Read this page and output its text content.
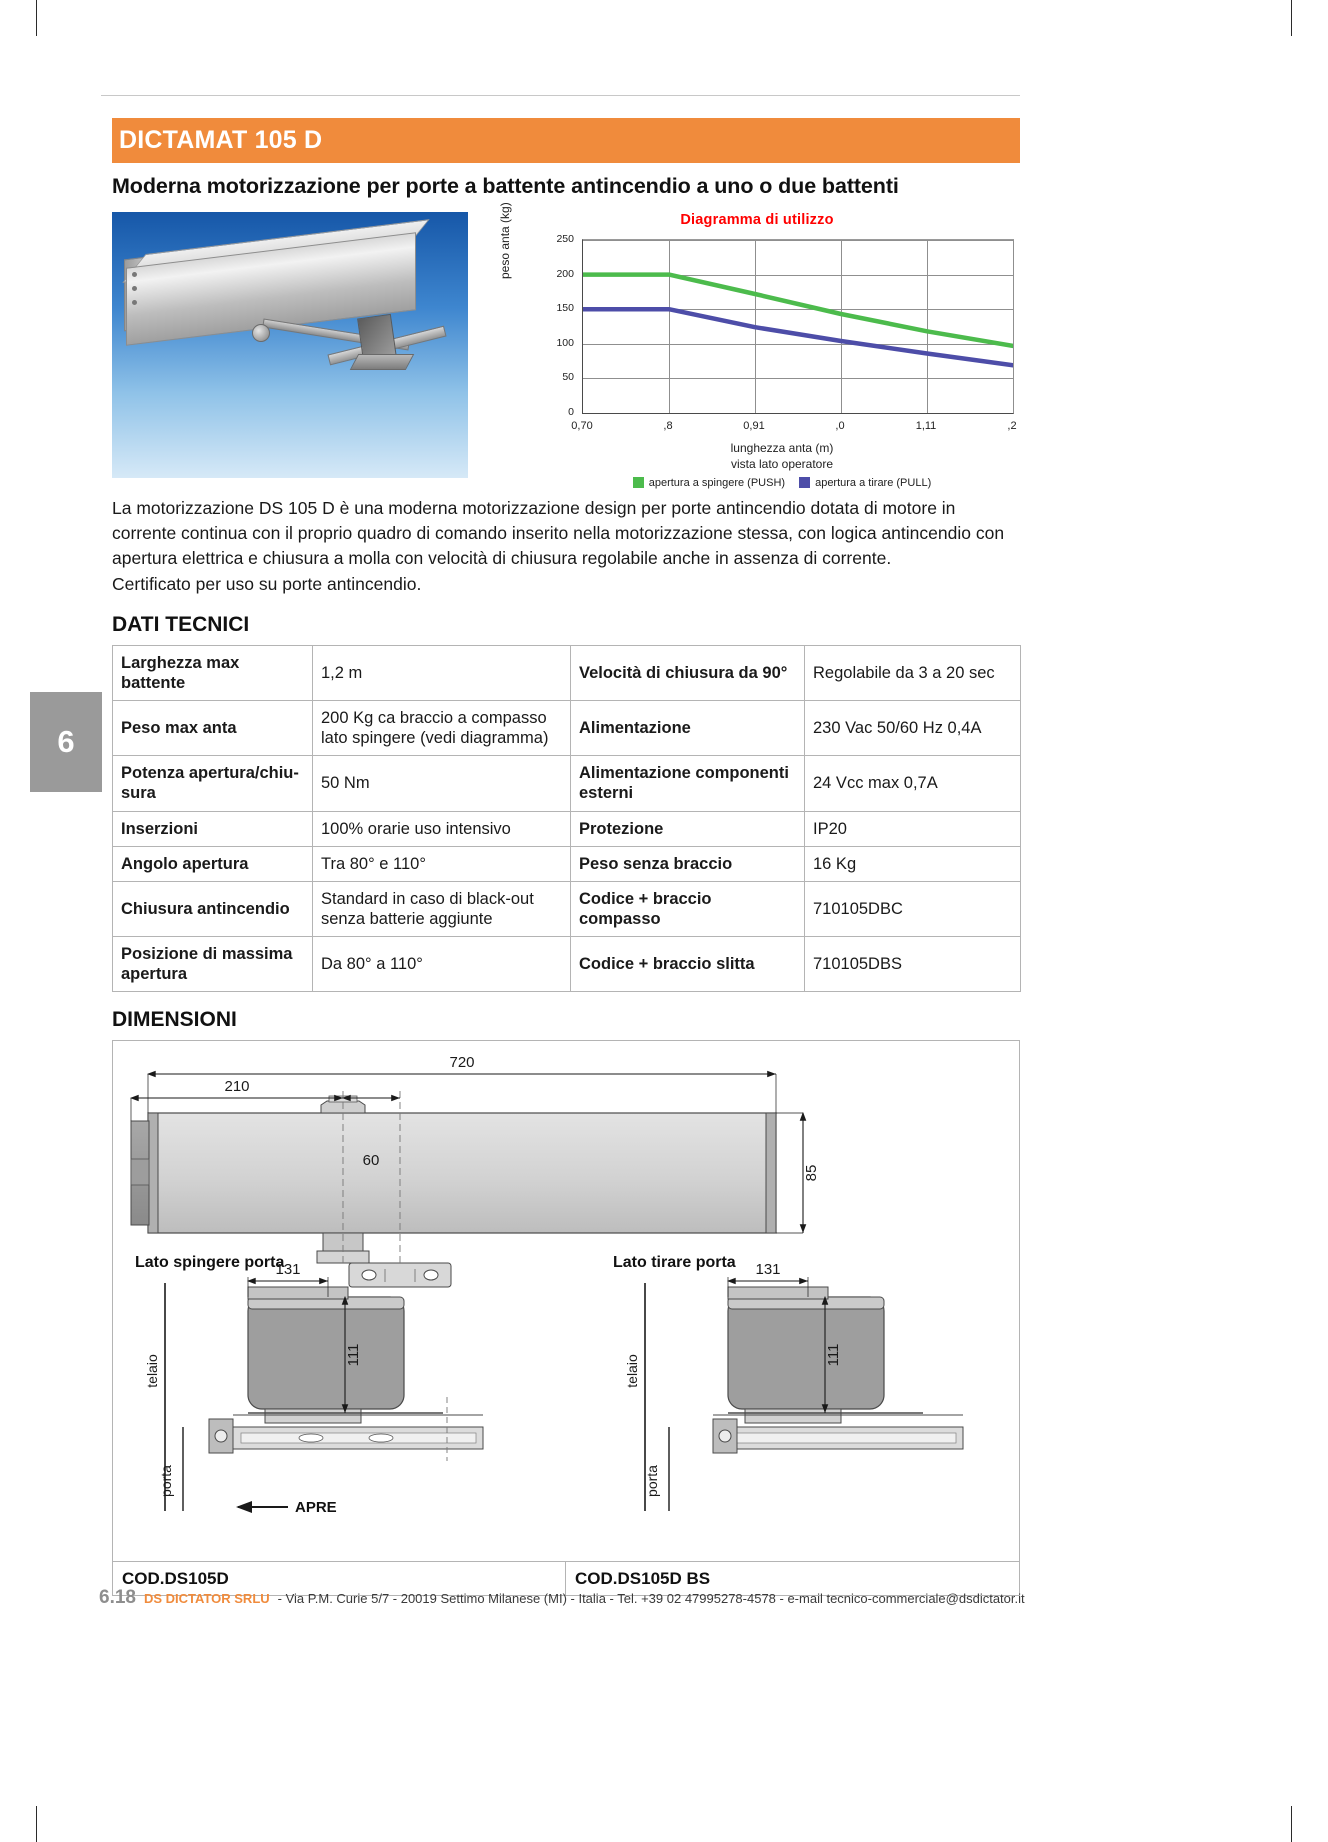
6
DICTAMAT 105 D
Moderna motorizzazione per porte a battente antincendio a uno o due battenti
Diagramma di utilizzo
peso anta (kg)
0
50
100
150
200
250
0,70	,8	0,91	,0	1,11	,2
lunghezza anta (m)
vista lato operatore
apertura a spingere (PUSH)	apertura a tirare (PULL)
La motorizzazione DS 105 D è una moderna motorizzazione design per porte antincendio dotata di motore in
corrente continua con il proprio quadro di comando inserito nella motorizzazione stessa, con logica antincendio con
apertura elettrica e chiusura a molla con velocità di chiusura regolabile anche in assenza di corrente.
Certificato per uso su porte antincendio.
DATI TECNICI
Larghezza max battente	1,2 m	Velocità di chiusura da 90°	Regolabile da 3 a 20 sec
Peso max anta	200 Kg ca braccio a compasso lato spingere (vedi diagramma)	Alimentazione	230 Vac 50/60 Hz 0,4A
Potenza apertura/chiu-sura	50 Nm	Alimentazione componenti esterni	24 Vcc max 0,7A
Inserzioni	100% orarie uso intensivo	Protezione	IP20
Angolo apertura	Tra 80° e 110°	Peso senza braccio	16 Kg
Chiusura antincendio	Standard in caso di black-out senza batterie aggiunte	Codice + braccio compasso	710105DBC
Posizione di massima apertura	Da 80° a 110°	Codice + braccio slitta	710105DBS
DIMENSIONI
720
210
60
85
Lato spingere porta
telaio
131
111
porta
APRE
Lato tirare porta
telaio
131
111
porta
COD.DS105D	COD.DS105D BS
6.18 DS DICTATOR SRLU - Via P.M. Curie 5/7 - 20019 Settimo Milanese (MI) - Italia - Tel. +39 02 47995278-4578 - e-mail tecnico-commerciale@dsdictator.it
